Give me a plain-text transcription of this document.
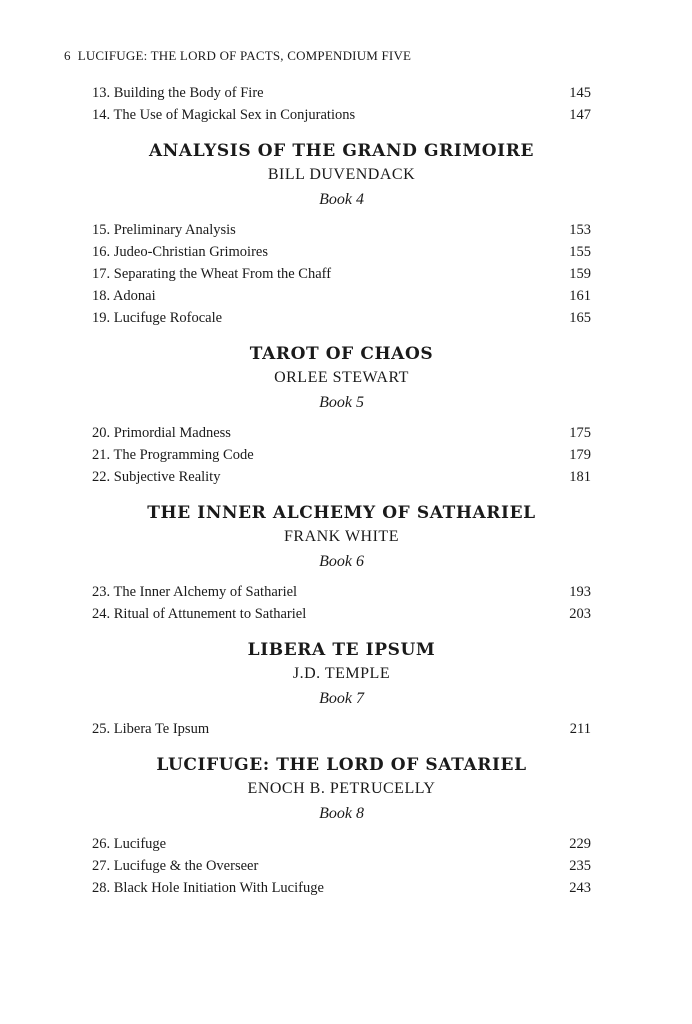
6 LUCIFUGE: THE LORD OF PACTS, COMPENDIUM FIVE
13. Building the Body of Fire	145
14. The Use of Magickal Sex in Conjurations	147
ANALYSIS OF THE GRAND GRIMOIRE
BILL DUVENDACK
Book 4
15. Preliminary Analysis	153
16. Judeo-Christian Grimoires	155
17. Separating the Wheat From the Chaff	159
18. Adonai	161
19. Lucifuge Rofocale	165
TAROT OF CHAOS
ORLEE STEWART
Book 5
20. Primordial Madness	175
21. The Programming Code	179
22. Subjective Reality	181
THE INNER ALCHEMY OF SATHARIEL
FRANK WHITE
Book 6
23. The Inner Alchemy of Sathariel	193
24. Ritual of Attunement to Sathariel	203
LIBERA TE IPSUM
J.D. TEMPLE
Book 7
25. Libera Te Ipsum	211
LUCIFUGE: THE LORD OF SATARIEL
ENOCH B. PETRUCELLY
Book 8
26. Lucifuge	229
27. Lucifuge & the Overseer	235
28. Black Hole Initiation With Lucifuge	243
